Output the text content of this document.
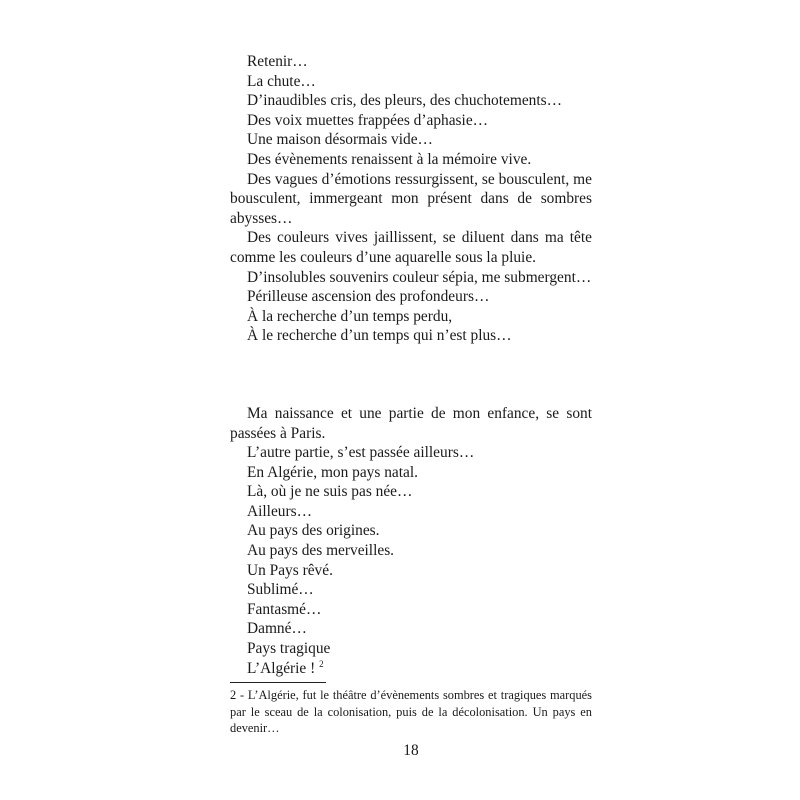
Retenir…

La chute…

D’inaudibles cris, des pleurs, des chuchotements…

Des voix muettes frappées d’aphasie…

Une maison désormais vide…

Des évènements renaissent à la mémoire vive.

Des vagues d’émotions ressurgissent, se bousculent, me bousculent, immergeant mon présent dans de sombres abysses…

Des couleurs vives jaillissent, se diluent dans ma tête comme les couleurs d’une aquarelle sous la pluie.

D’insolubles souvenirs couleur sépia, me submergent…

Périlleuse ascension des profondeurs…

À la recherche d’un temps perdu,

À le recherche d’un temps qui n’est plus…

Ma naissance et une partie de mon enfance, se sont passées à Paris.

L’autre partie, s’est passée ailleurs…

En Algérie, mon pays natal.

Là, où je ne suis pas née…

Ailleurs…

Au pays des origines.

Au pays des merveilles.

Un Pays rêvé.

Sublimé…

Fantasmé…

Damné…

Pays tragique

L’Algérie ! $^2$

2 - L’Algérie, fut le théâtre d’évènements sombres et tragiques marqués par le sceau de la colonisation, puis de la décolonisation. Un pays en devenir…

18
